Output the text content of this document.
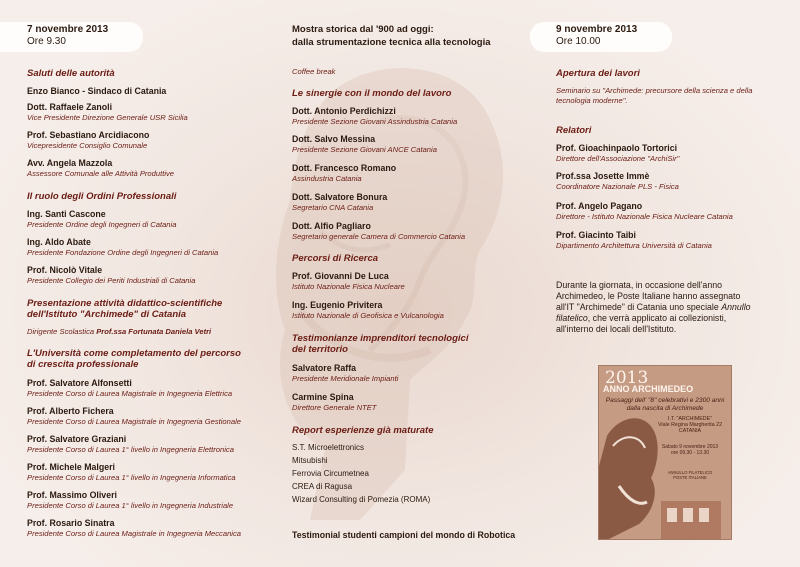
7 novembre 2013
Ore 9.30
Saluti delle autorità
Enzo Bianco - Sindaco di Catania
Dott. Raffaele Zanoli
Vice Presidente Direzione Generale USR Sicilia
Prof. Sebastiano Arcidiacono
Vicepresidente Consiglio Comunale
Avv. Angela Mazzola
Assessore Comunale alle Attività Produttive
Il ruolo degli Ordini Professionali
Ing. Santi Cascone
Presidente Ordine degli Ingegneri di Catania
Ing. Aldo Abate
Presidente Fondazione Ordine degli Ingegneri di Catania
Prof. Nicolò Vitale
Presidente Collegio dei Periti Industriali di Catania
Presentazione attività didattico-scientifiche
dell'Istituto "Archimede" di Catania
Dirigente Scolastica Prof.ssa Fortunata Daniela Vetri
L'Università come completamento del percorso
di crescita professionale
Prof. Salvatore Alfonsetti
Presidente Corso di Laurea Magistrale in Ingegneria Elettrica
Prof. Alberto Fichera
Presidente Corso di Laurea Magistrale in Ingegneria Gestionale
Prof. Salvatore Graziani
Presidente Corso di Laurea 1° livello in Ingegneria Elettronica
Prof. Michele Malgeri
Presidente Corso di Laurea 1° livello in Ingegneria Informatica
Prof. Massimo Oliveri
Presidente Corso di Laurea 1° livello in Ingegneria Industriale
Prof. Rosario Sinatra
Presidente Corso di Laurea Magistrale in Ingegneria Meccanica
Mostra storica dal '900 ad oggi:
dalla strumentazione tecnica alla tecnologia
Coffee break
Le sinergie con il mondo del lavoro
Dott. Antonio Perdichizzi
Presidente Sezione Giovani Assindustria Catania
Dott. Salvo Messina
Presidente Sezione Giovani ANCE Catania
Dott. Francesco Romano
Assindustria Catania
Dott. Salvatore Bonura
Segretario CNA Catania
Dott. Alfio Pagliaro
Segretario generale Camera di Commercio Catania
Percorsi di Ricerca
Prof. Giovanni De Luca
Istituto Nazionale Fisica Nucleare
Ing. Eugenio Privitera
Istituto Nazionale di Geofisica e Vulcanologia
Testimonianze imprenditori tecnologici
del territorio
Salvatore Raffa
Presidente Meridionale Impianti
Carmine Spina
Direttore Generale NTET
Report esperienze già maturate
S.T. Microelettronics
Mitsubishi
Ferrovia Circumetnea
CREA di Ragusa
Wizard Consulting di Pomezia (ROMA)
Testimonial studenti campioni del mondo di Robotica
9 novembre 2013
Ore 10.00
Apertura dei lavori
Seminario su "Archimede: precursore della scienza e della
tecnologia moderne".
Relatori
Prof. Gioachinpaolo Tortorici
Direttore dell'Associazione "ArchiSir"
Prof.ssa Josette Immè
Coordinatore Nazionale PLS - Fisica
Prof. Angelo Pagano
Direttore - Istituto Nazionale Fisica Nucleare Catania
Prof. Giacinto Taibi
Dipartimento Architettura Università di Catania
Durante la giornata, in occasione dell'anno
Archimedeo, le Poste Italiane hanno assegnato
all'IT "Archimede" di Catania uno speciale Annullo
filatelico, che verrà applicato ai collezionisti,
all'interno dei locali dell'Istituto.
2013
ANNO ARCHIMEDEO
Passaggi dell' "8" celebrativi e 2300 anni dalla nascita di Archimede
I.T. "ARCHIMEDE"
Viale Regina Margherita 22
CATANIA
Sabato 9 novembre 2013
ore 09.30 - 13.30
ANNULLO FILATELICO
POSTE ITALIANE
